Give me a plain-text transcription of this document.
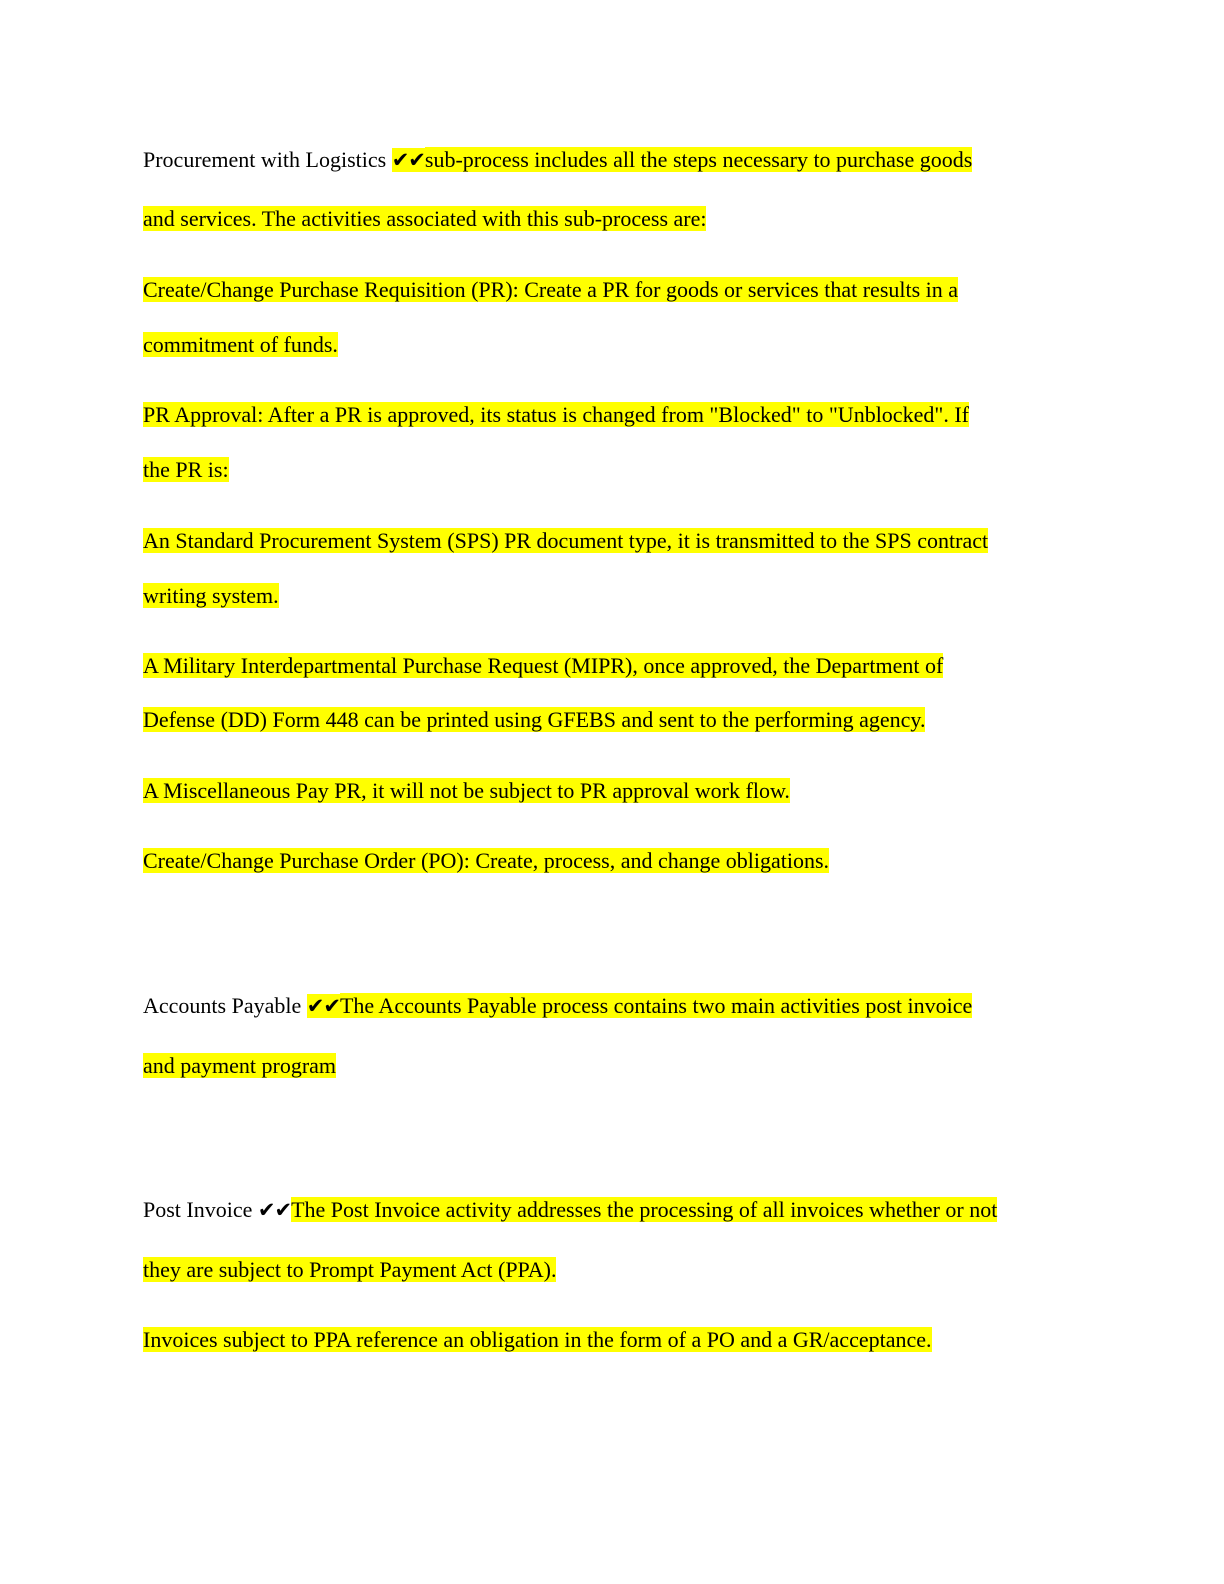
Procurement with Logistics ✔✔sub-process includes all the steps necessary to purchase goods
and services. The activities associated with this sub-process are:
Create/Change Purchase Requisition (PR): Create a PR for goods or services that results in a
commitment of funds.
PR Approval: After a PR is approved, its status is changed from "Blocked" to "Unblocked". If
the PR is:
An Standard Procurement System (SPS) PR document type, it is transmitted to the SPS contract
writing system.
A Military Interdepartmental Purchase Request (MIPR), once approved, the Department of
Defense (DD) Form 448 can be printed using GFEBS and sent to the performing agency.
A Miscellaneous Pay PR, it will not be subject to PR approval work flow.
Create/Change Purchase Order (PO): Create, process, and change obligations.
Accounts Payable ✔✔The Accounts Payable process contains two main activities post invoice
and payment program
Post Invoice ✔✔The Post Invoice activity addresses the processing of all invoices whether or not
they are subject to Prompt Payment Act (PPA).
Invoices subject to PPA reference an obligation in the form of a PO and a GR/acceptance.
